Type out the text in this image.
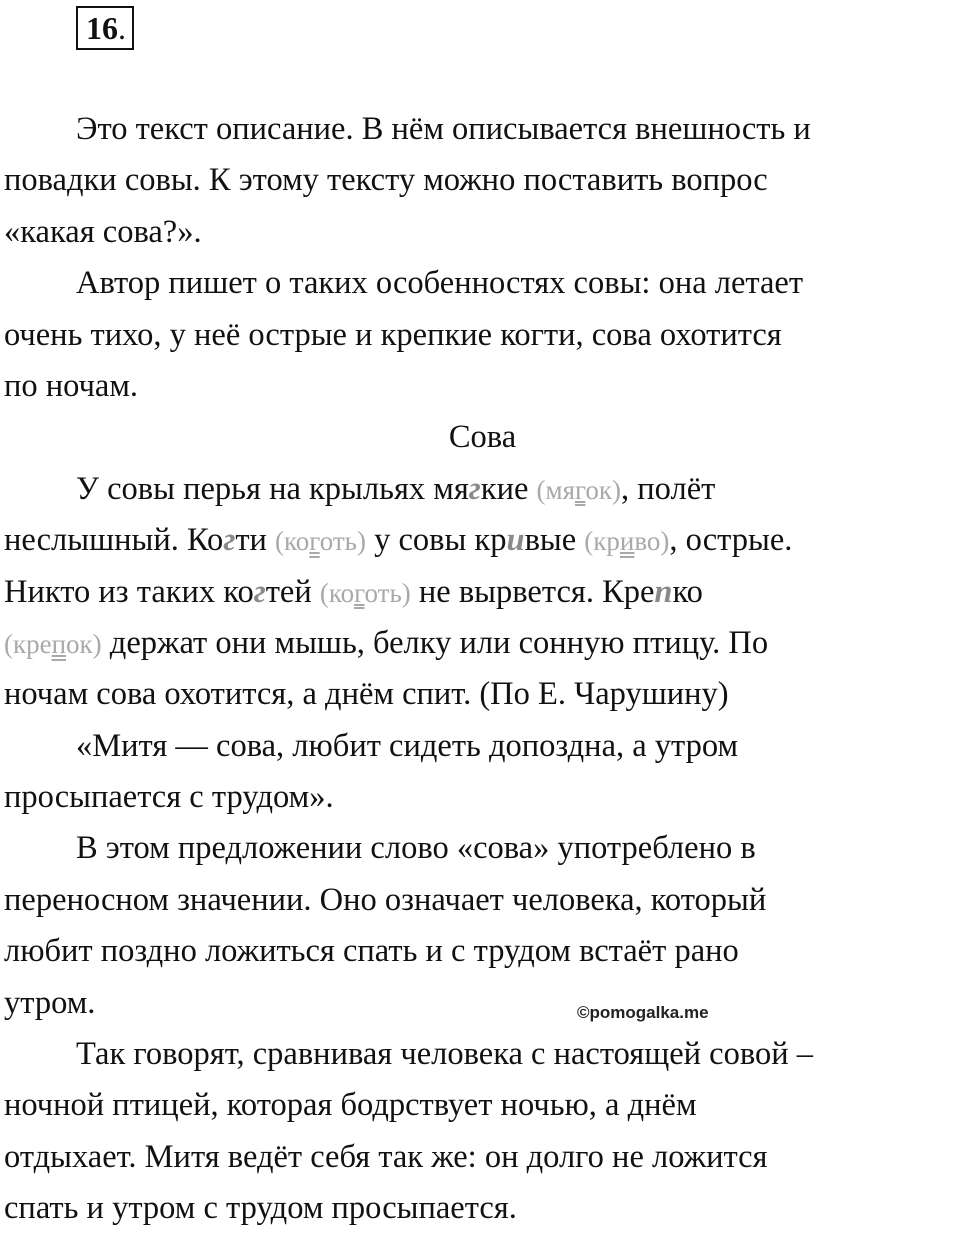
16.
Это текст описание. В нём описывается внешность и
повадки совы. К этому тексту можно поставить вопрос
«какая сова?».
Автор пишет о таких особенностях совы: она летает
очень тихо, у неё острые и крепкие когти, сова охотится
по ночам.
Сова
У совы перья на крыльях мягкие (мягок), полёт
неслышный. Когти (коготь) у совы кривые (криво), острые.
Никто из таких когтей (коготь) не вырвется. Крепко
(крепок) держат они мышь, белку или сонную птицу. По
ночам сова охотится, а днём спит. (По Е. Чарушину)
«Митя — сова, любит сидеть допоздна, а утром
просыпается с трудом».
В этом предложении слово «сова» употреблено в
переносном значении. Оно означает человека, который
любит поздно ложиться спать и с трудом встаёт рано
утром.
Так говорят, сравнивая человека с настоящей совой –
ночной птицей, которая бодрствует ночью, а днём
отдыхает. Митя ведёт себя так же: он долго не ложится
спать и утром с трудом просыпается.
©pomogalka.me
